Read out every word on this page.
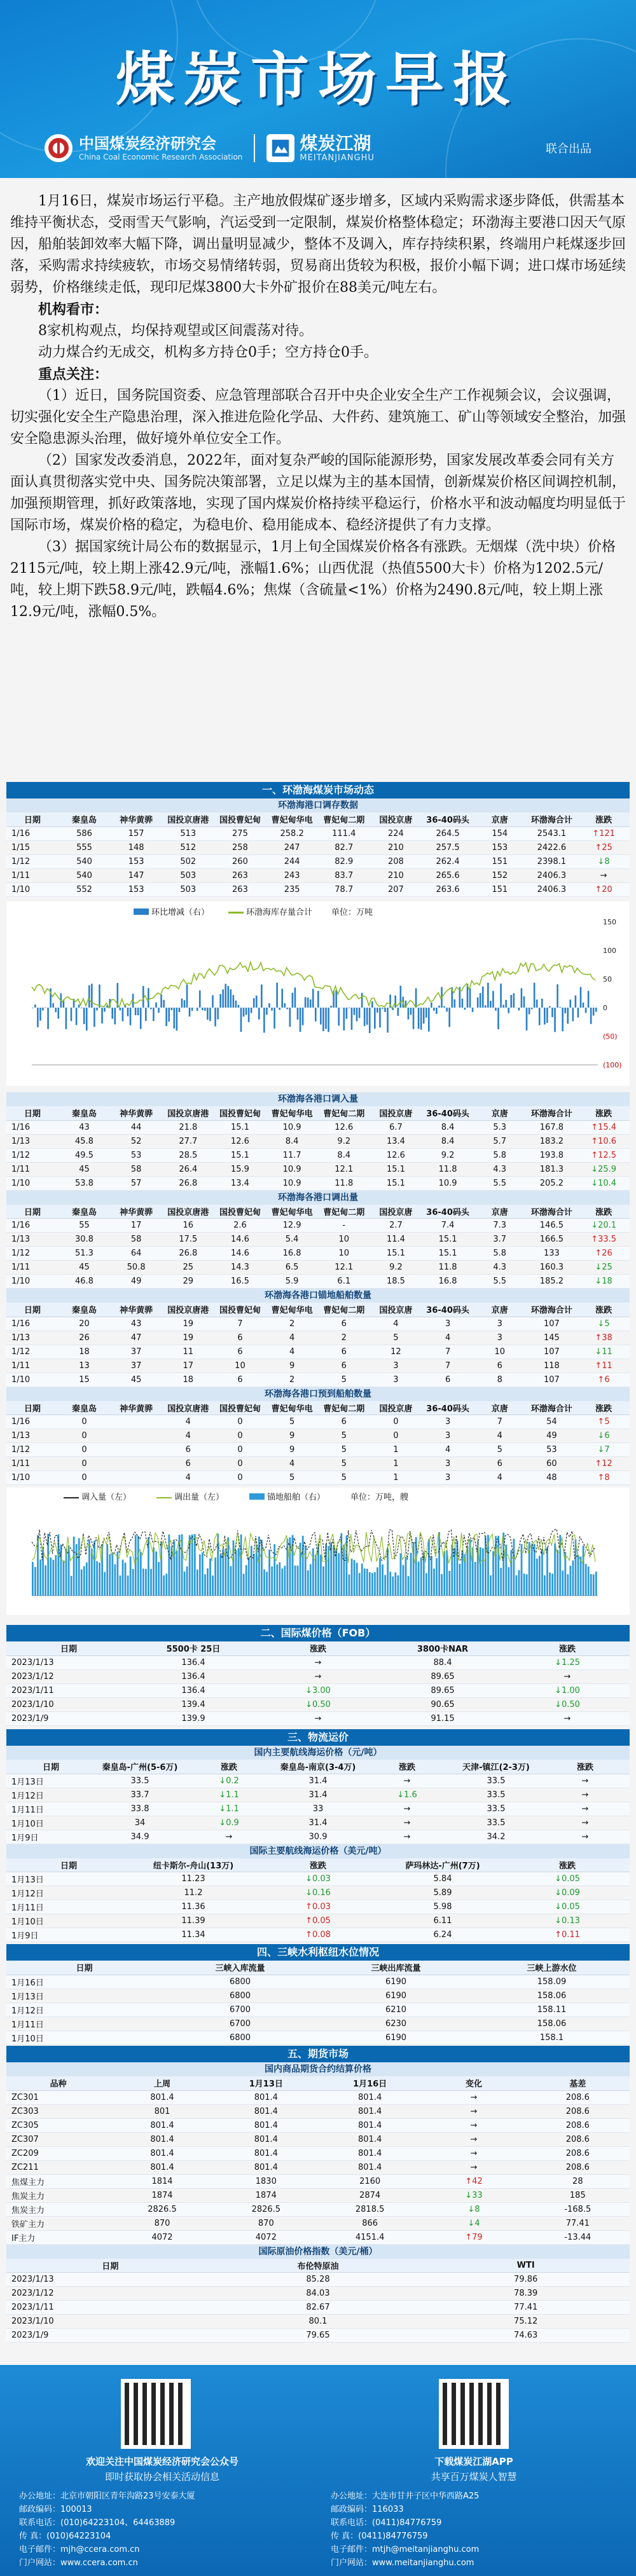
煤炭市场早报
中国煤炭经济研究会
China Coal Economic Research Association
煤炭江湖
MEITANJIANGHU
联合出品

1月16日，煤炭市场运行平稳。主产地放假煤矿逐步增多，区域内采购需求逐步降低，供需基本维持平衡状态，受雨雪天气影响，汽运受到一定限制，煤炭价格整体稳定；环渤海主要港口因天气原因，船舶装卸效率大幅下降，调出量明显减少，整体不及调入，库存持续积累，终端用户耗煤逐步回落，采购需求持续疲软，市场交易情绪转弱，贸易商出货较为积极，报价小幅下调；进口煤市场延续弱势，价格继续走低，现印尼煤3800大卡外矿报价在88美元/吨左右。

机构看市：

8家机构观点，均保持观望或区间震荡对待。

动力煤合约无成交，机构多方持仓0手；空方持仓0手。

重点关注：

（1）近日，国务院国资委、应急管理部联合召开中央企业安全生产工作视频会议，会议强调，切实强化安全生产隐患治理，深入推进危险化学品、大件药、建筑施工、矿山等领域安全整治，加强安全隐患源头治理，做好境外单位安全工作。

（2）国家发改委消息，2022年，面对复杂严峻的国际能源形势，国家发展改革委会同有关方面认真贯彻落实党中央、国务院决策部署，立足以煤为主的基本国情，创新煤炭价格区间调控机制，加强预期管理，抓好政策落地，实现了国内煤炭价格持续平稳运行，价格水平和波动幅度均明显低于国际市场，煤炭价格的稳定，为稳电价、稳用能成本、稳经济提供了有力支撑。

（3）据国家统计局公布的数据显示，1月上旬全国煤炭价格各有涨跌。无烟煤（洗中块）价格2115元/吨，较上期上涨42.9元/吨，涨幅1.6%；山西优混（热值5500大卡）价格为1202.5元/吨，较上期下跌58.9元/吨，跌幅4.6%；焦煤（含硫量<1%）价格为2490.8元/吨，较上期上涨12.9元/吨，涨幅0.5%。

一、环渤海煤炭市场动态
环渤海港口调存数据
日期	秦皇岛	神华黄骅	国投京唐港	国投曹妃甸	曹妃甸华电	曹妃甸二期	国投京唐	36-40码头	京唐	环渤海合计	涨跌
1/16	586	157	513	275	258.2	111.4	224	264.5	154	2543.1	↑121
1/15	555	148	512	258	247	82.7	210	257.5	153	2422.6	↑25
1/12	540	153	502	260	244	82.9	208	262.4	151	2398.1	↓8
1/11	540	147	503	263	243	83.7	210	265.6	152	2406.3	→
1/10	552	153	503	263	235	78.7	207	263.6	151	2406.3	↑20
环比增减（右）	环渤海库存量合计 单位：万吨
150
100
50
0
(50)
(100)
环渤海各港口调入量
日期	秦皇岛	神华黄骅	国投京唐港	国投曹妃甸	曹妃甸华电	曹妃甸二期	国投京唐	36-40码头	京唐	环渤海合计	涨跌
1/16	43	44	21.8	15.1	10.9	12.6	6.7	8.4	5.3	167.8	↑15.4
1/13	45.8	52	27.7	12.6	8.4	9.2	13.4	8.4	5.7	183.2	↑10.6
1/12	49.5	53	28.5	15.1	11.7	8.4	12.6	9.2	5.8	193.8	↑12.5
1/11	45	58	26.4	15.9	10.9	12.1	15.1	11.8	4.3	181.3	↓25.9
1/10	53.8	57	26.8	13.4	10.9	11.8	15.1	10.9	5.5	205.2	↓10.4
环渤海各港口调出量
日期	秦皇岛	神华黄骅	国投京唐港	国投曹妃甸	曹妃甸华电	曹妃甸二期	国投京唐	36-40码头	京唐	环渤海合计	涨跌
1/16	55	17	16	2.6	12.9	-	2.7	7.4	7.3	146.5	↓20.1
1/13	30.8	58	17.5	14.6	5.4	10	11.4	15.1	3.7	166.5	↑33.5
1/12	51.3	64	26.8	14.6	16.8	10	15.1	15.1	5.8	133	↑26
1/11	45	50.8	25	14.3	6.5	12.1	9.2	11.8	4.3	160.3	↓25
1/10	46.8	49	29	16.5	5.9	6.1	18.5	16.8	5.5	185.2	↓18
环渤海各港口锚地船舶数量
日期	秦皇岛	神华黄骅	国投京唐港	国投曹妃甸	曹妃甸华电	曹妃甸二期	国投京唐	36-40码头	京唐	环渤海合计	涨跌
1/16	20	43	19	7	2	6	4	3	3	107	↓5
1/13	26	47	19	6	4	2	5	4	3	145	↑38
1/12	18	37	11	6	4	6	12	7	10	107	↓11
1/11	13	37	17	10	9	6	3	7	6	118	↑11
1/10	15	45	18	6	2	5	3	6	8	107	↑6
环渤海各港口预到船舶数量
日期	秦皇岛	神华黄骅	国投京唐港	国投曹妃甸	曹妃甸华电	曹妃甸二期	国投京唐	36-40码头	京唐	环渤海合计	涨跌
1/16	0		4	0	5	6	0	3	7	54	↑5
1/13	0		4	0	9	5	0	3	4	49	↓6
1/12	0		6	0	9	5	1	4	5	53	↓7
1/11	0		6	0	4	5	1	3	6	60	↑12
1/10	0		4	0	5	5	1	3	4	48	↑8
调入量（左）	调出量（左）	锚地船舶（右）	单位：万吨，艘
二、国际煤价格（FOB）
日期	5500卡 25日	涨跌	3800卡NAR	涨跌
2023/1/13	136.4	→	88.4	↓1.25
2023/1/12	136.4	→	89.65	→
2023/1/11	136.4	↓3.00	89.65	↓1.00
2023/1/10	139.4	↓0.50	90.65	↓0.50
2023/1/9	139.9	→	91.15	→
三、物流运价
国内主要航线海运价格（元/吨）
日期	秦皇岛-广州(5-6万)	涨跌	秦皇岛-南京(3-4万)	涨跌	天津-镇江(2-3万)	涨跌
1月13日	33.5	↓0.2	31.4	→	33.5	→
1月12日	33.7	↓1.1	31.4	↓1.6	33.5	→
1月11日	33.8	↓1.1	33	→	33.5	→
1月10日	34	↓0.9	31.4	→	33.5	→
1月9日	34.9	→	30.9	→	34.2	→
国际主要航线海运价格（美元/吨）
日期	纽卡斯尔-舟山(13万)	涨跌	萨玛林达-广州(7万)	涨跌
1月13日	11.23	↓0.03	5.84	↓0.05
1月12日	11.2	↓0.16	5.89	↓0.09
1月11日	11.36	↑0.03	5.98	↓0.05
1月10日	11.39	↑0.05	6.11	↓0.13
1月9日	11.34	↑0.08	6.24	↑0.11
四、三峡水利枢纽水位情况
日期	三峡入库流量	三峡出库流量	三峡上游水位
1月16日	6800	6190	158.09
1月13日	6800	6190	158.06
1月12日	6700	6210	158.11
1月11日	6700	6230	158.06
1月10日	6800	6190	158.1
五、期货市场
国内商品期货合约结算价格
品种	上周	1月13日	1月16日	变化	基差
ZC301	801.4	801.4	801.4	→	208.6
ZC303	801	801.4	801.4	→	208.6
ZC305	801.4	801.4	801.4	→	208.6
ZC307	801.4	801.4	801.4	→	208.6
ZC209	801.4	801.4	801.4	→	208.6
ZC211	801.4	801.4	801.4	→	208.6
焦煤主力	1814	1830	2160	↑42	28
焦炭主力	1874	1874	2874	↓33	185
焦炭主力	2826.5	2826.5	2818.5	↓8	-168.5
铁矿主力	870	870	866	↓4	77.41
IF主力	4072	4072	4151.4	↑79	-13.44
国际原油价格指数（美元/桶）
日期	布伦特原油	WTI
2023/1/13	85.28	79.86
2023/1/12	84.03	78.39
2023/1/11	82.67	77.41
2023/1/10	80.1	75.12
2023/1/9	79.65	74.63
欢迎关注中国煤炭经济研究会公众号
即时获取协会相关活动信息
下载煤炭江湖APP
共享百万煤炭人智慧
办公地址：北京市朝阳区青年沟路23号安泰大厦
邮政编码：100013
联系电话：(010)64223104、64463889
传 真：(010)64223104
电子邮件：mjh@ccera.com.cn
门户网站：www.ccera.com.cn
办公地址：大连市甘井子区中华西路A25
邮政编码：116033
联系电话：(0411)84776759
传 真：(0411)84776759
电子邮件：mtjh@meitanjianghu.com
门户网站：www.meitanjianghu.com
